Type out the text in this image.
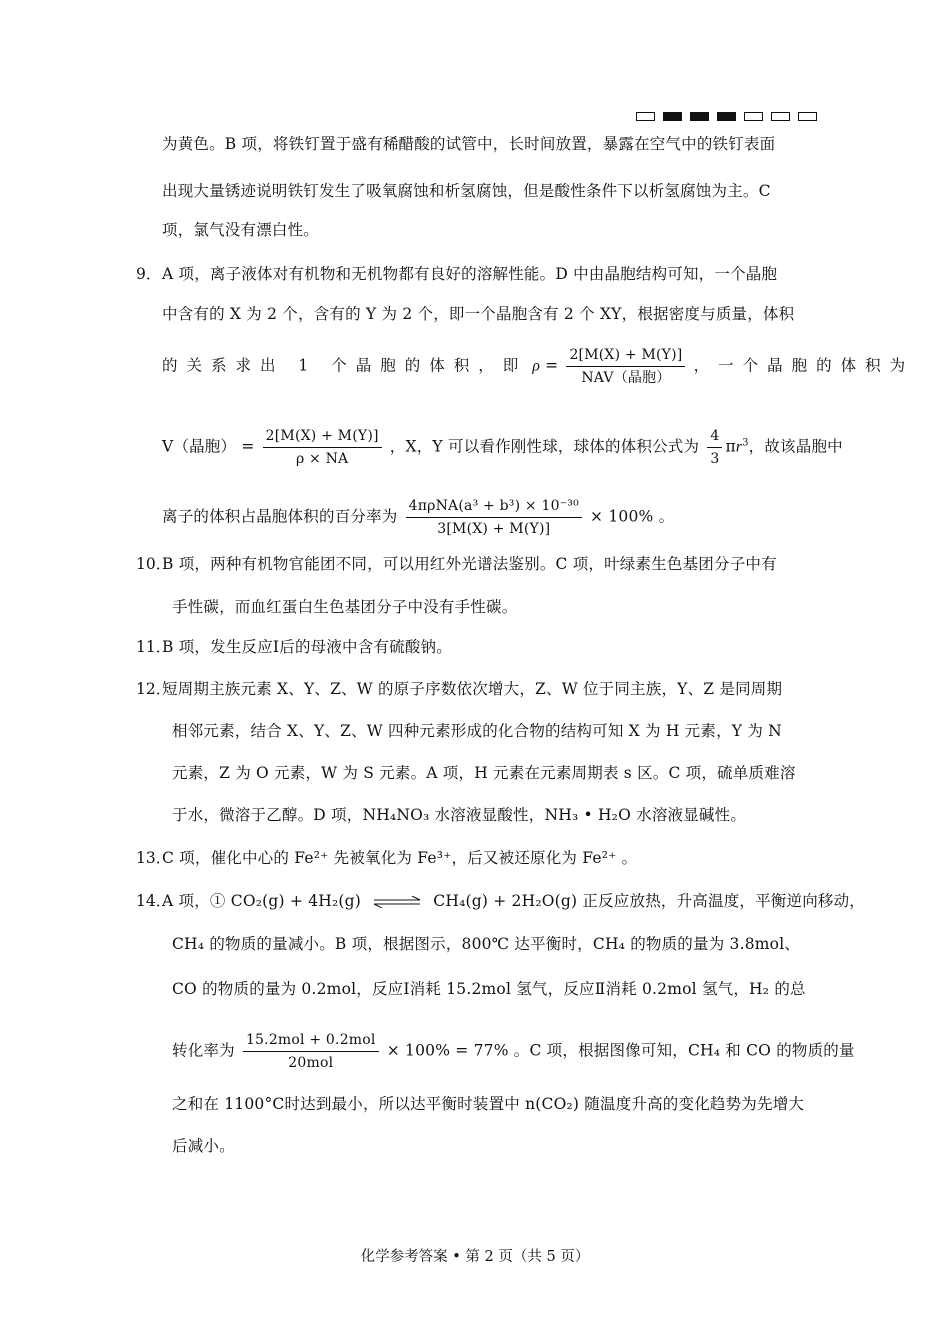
为黄色。B 项，将铁钉置于盛有稀醋酸的试管中，长时间放置，暴露在空气中的铁钉表面
出现大量锈迹说明铁钉发生了吸氧腐蚀和析氢腐蚀，但是酸性条件下以析氢腐蚀为主。C
项，氯气没有漂白性。
9． A 项，离子液体对有机物和无机物都有良好的溶解性能。D 中由晶胞结构可知，一个晶胞
中含有的 X 为 2 个，含有的 Y 为 2 个，即一个晶胞含有 2 个 XY，根据密度与质量，体积
的关系求出 1 个晶胞的体积，即 $\rho = \frac{2[M(X) + M(Y)]}{\text{NAV（晶胞）}}$ ，一个晶胞的体积为
V（晶胞） = $\frac{2[M(X) + M(Y)]}{\rho \times NA}$ ，X，Y 可以看作刚性球，球体的体积公式为 $\frac{4}{3} \pi r^3$，故该晶胞中
离子的体积占晶胞体积的百分率为 $\frac{\text{4πρNA(a³ + b³) × 10⁻³⁰}}{3[M(X) + M(Y)]} \times 100\%$ 。
10．
B 项，两种有机物官能团不同，可以用红外光谱法鉴别。C 项，叶绿素生色基团分子中有
手性碳，而血红蛋白生色基团分子中没有手性碳。
11．
B 项，发生反应Ⅰ后的母液中含有硫酸钠。
12．
短周期主族元素 X、Y、Z、W 的原子序数依次增大，Z、W 位于同主族，Y、Z 是同周期
相邻元素，结合 X、Y、Z、W 四种元素形成的化合物的结构可知 X 为 H 元素，Y 为 N
元素，Z 为 O 元素，W 为 S 元素。A 项，H 元素在元素周期表 s 区。C 项，硫单质难溶
于水，微溶于乙醇。D 项，NH₄NO₃ 水溶液显酸性，NH₃ • H₂O 水溶液显碱性。
13．
C 项，催化中心的 Fe²⁺ 先被氧化为 Fe³⁺，后又被还原化为 Fe²⁺ 。
14．
A 项，① CO₂(g) + 4H₂(g) ⇌ CH₄(g) + 2H₂O(g) 正反应放热，升高温度，平衡逆向移动，
CH₄ 的物质的量减小。B 项，根据图示，800℃ 达平衡时，CH₄ 的物质的量为 3.8mol、
CO 的物质的量为 0.2mol，反应Ⅰ消耗 15.2mol 氢气，反应Ⅱ消耗 0.2mol 氢气，H₂ 的总
转化率为 $\frac{\text{15.2mol + 0.2mol}}{\text{20mol}} \times 100\% = 77\%$ 。C 项，根据图像可知，CH₄ 和 CO 的物质的量
之和在 1100°C时达到最小，所以达平衡时装置中 n(CO₂) 随温度升高的变化趋势为先增大
后减小。
化学参考答案 • 第 2 页（共 5 页）
